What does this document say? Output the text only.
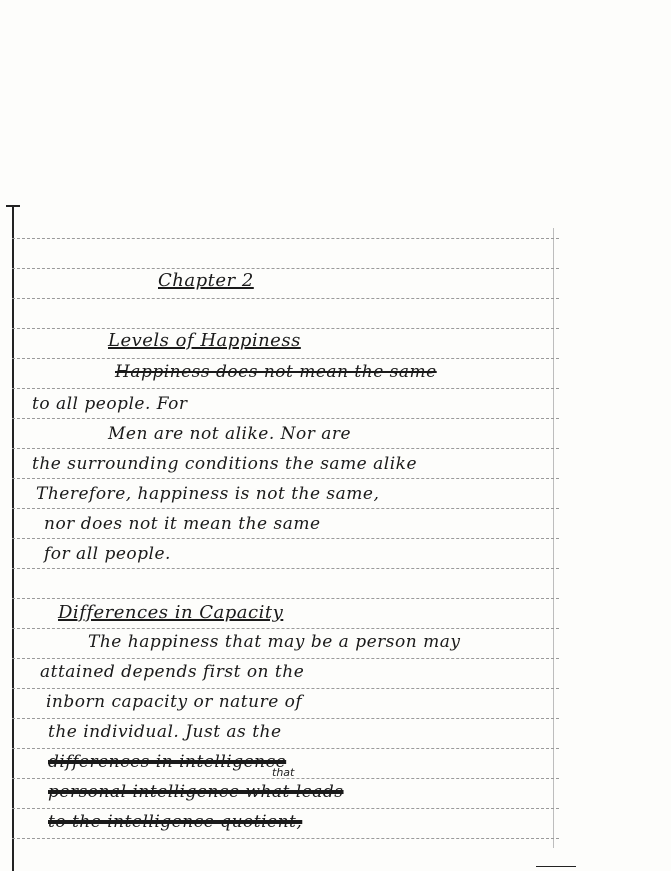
Chapter 2
Levels of Happiness
Happiness does not mean the same
to all people. For
Men are not alike. Nor are
the surrounding conditions the same alike
Therefore, happiness is not the same,
nor does not it mean the same
for all people.
Differences in Capacity
The happiness that may be a person may
attained depends first on the
inborn capacity or nature of
the individual. Just as the
differences in intelligence
that
personal intelligence what leads
to the intelligence quotient,
